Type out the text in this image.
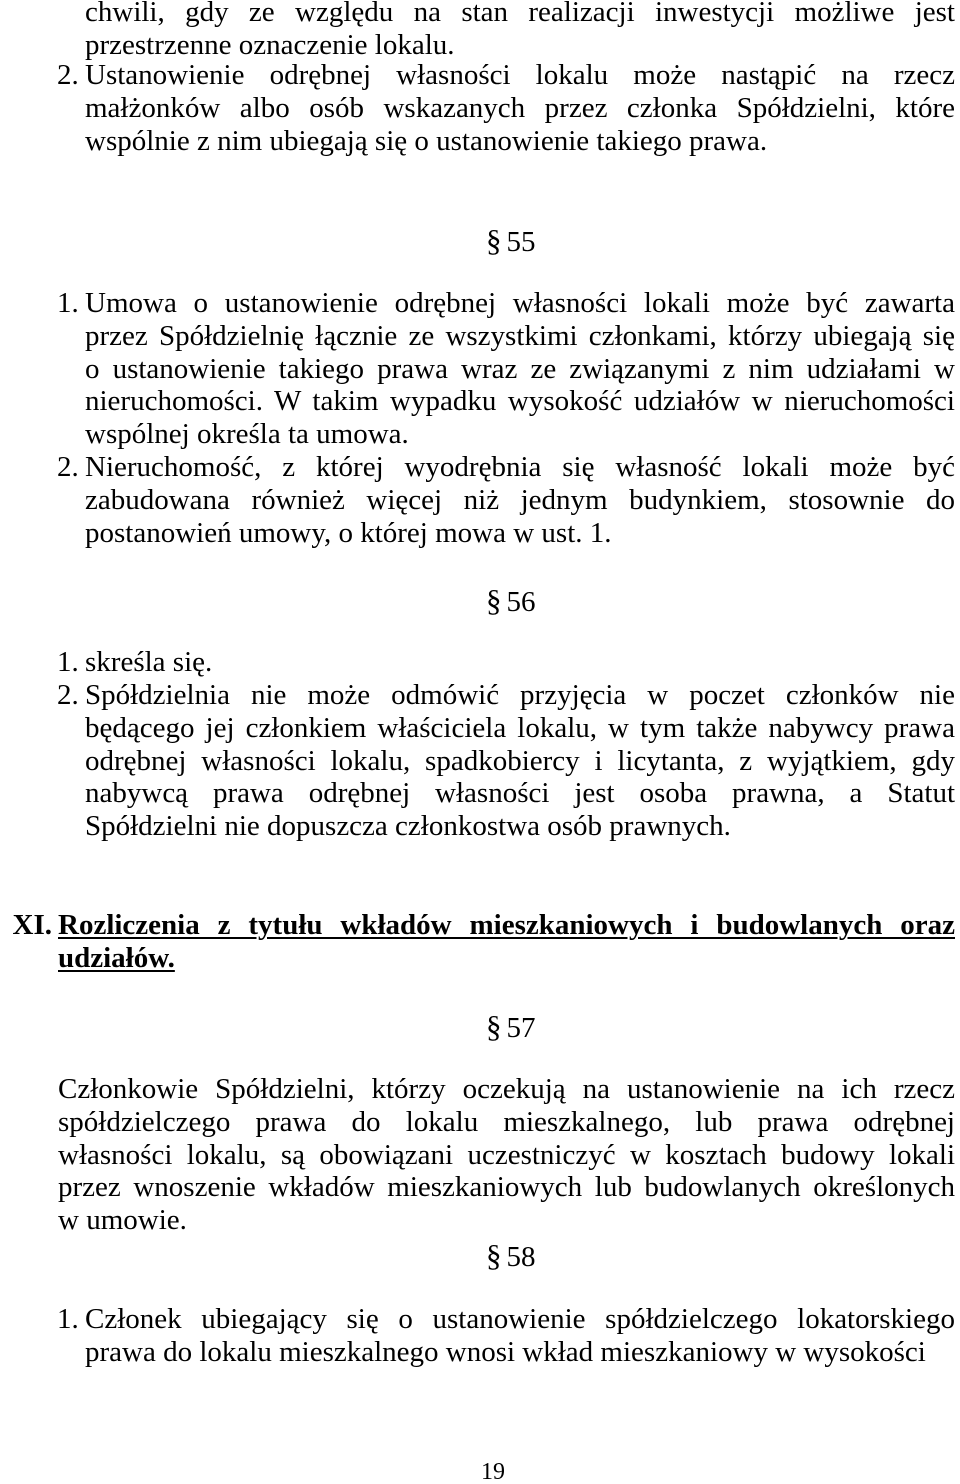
chwili, gdy ze względu na stan realizacji inwestycji możliwe jest
przestrzenne oznaczenie lokalu.
2. Ustanowienie odrębnej własności lokalu może nastąpić na rzecz
małżonków albo osób wskazanych przez członka Spółdzielni, które
wspólnie z nim ubiegają się o ustanowienie takiego prawa.
§ 55
1. Umowa o ustanowienie odrębnej własności lokali może być zawarta
przez Spółdzielnię łącznie ze wszystkimi członkami, którzy ubiegają się
o ustanowienie takiego prawa wraz ze związanymi z nim udziałami w
nieruchomości. W takim wypadku wysokość udziałów w nieruchomości
wspólnej określa ta umowa.
2. Nieruchomość, z której wyodrębnia się własność lokali może być
zabudowana również więcej niż jednym budynkiem, stosownie do
postanowień umowy, o której mowa w ust. 1.
§ 56
1. skreśla się.
2. Spółdzielnia nie może odmówić przyjęcia w poczet członków nie
będącego jej członkiem właściciela lokalu, w tym także nabywcy prawa
odrębnej własności lokalu, spadkobiercy i licytanta, z wyjątkiem, gdy
nabywcą prawa odrębnej własności jest osoba prawna, a Statut
Spółdzielni nie dopuszcza członkostwa osób prawnych.
XI. Rozliczenia z tytułu wkładów mieszkaniowych i budowlanych oraz
udziałów.
§ 57
Członkowie Spółdzielni, którzy oczekują na ustanowienie na ich rzecz
spółdzielczego prawa do lokalu mieszkalnego, lub prawa odrębnej
własności lokalu, są obowiązani uczestniczyć w kosztach budowy lokali
przez wnoszenie wkładów mieszkaniowych lub budowlanych określonych
w umowie.
§ 58
1. Członek ubiegający się o ustanowienie spółdzielczego lokatorskiego
prawa do lokalu mieszkalnego wnosi wkład mieszkaniowy w wysokości
19
